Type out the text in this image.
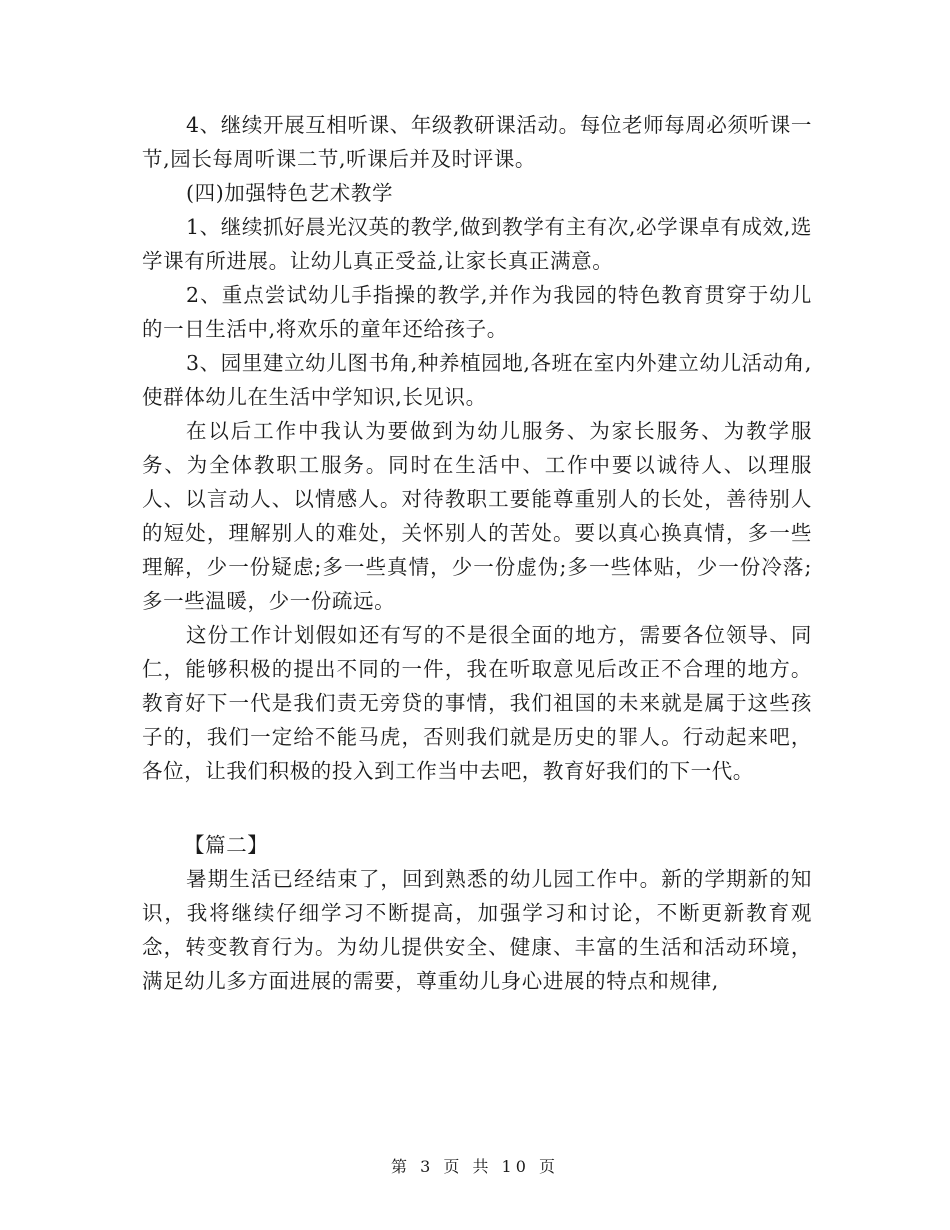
4、继续开展互相听课、年级教研课活动。每位老师每周必须听课一节,园长每周听课二节,听课后并及时评课。

(四)加强特色艺术教学

1、继续抓好晨光汉英的教学,做到教学有主有次,必学课卓有成效,选学课有所进展。让幼儿真正受益,让家长真正满意。

2、重点尝试幼儿手指操的教学,并作为我园的特色教育贯穿于幼儿的一日生活中,将欢乐的童年还给孩子。

3、园里建立幼儿图书角,种养植园地,各班在室内外建立幼儿活动角,使群体幼儿在生活中学知识,长见识。

在以后工作中我认为要做到为幼儿服务、为家长服务、为教学服务、为全体教职工服务。同时在生活中、工作中要以诚待人、以理服人、以言动人、以情感人。对待教职工要能尊重别人的长处，善待别人的短处，理解别人的难处，关怀别人的苦处。要以真心换真情，多一些理解，少一份疑虑;多一些真情，少一份虚伪;多一些体贴，少一份冷落;多一些温暖，少一份疏远。

这份工作计划假如还有写的不是很全面的地方，需要各位领导、同仁，能够积极的提出不同的一件，我在听取意见后改正不合理的地方。教育好下一代是我们责无旁贷的事情，我们祖国的未来就是属于这些孩子的，我们一定给不能马虎，否则我们就是历史的罪人。行动起来吧，各位，让我们积极的投入到工作当中去吧，教育好我们的下一代。

【篇二】

暑期生活已经结束了，回到熟悉的幼儿园工作中。新的学期新的知识，我将继续仔细学习不断提高，加强学习和讨论，不断更新教育观念，转变教育行为。为幼儿提供安全、健康、丰富的生活和活动环境，满足幼儿多方面进展的需要，尊重幼儿身心进展的特点和规律,

第 3 页 共 10 页
